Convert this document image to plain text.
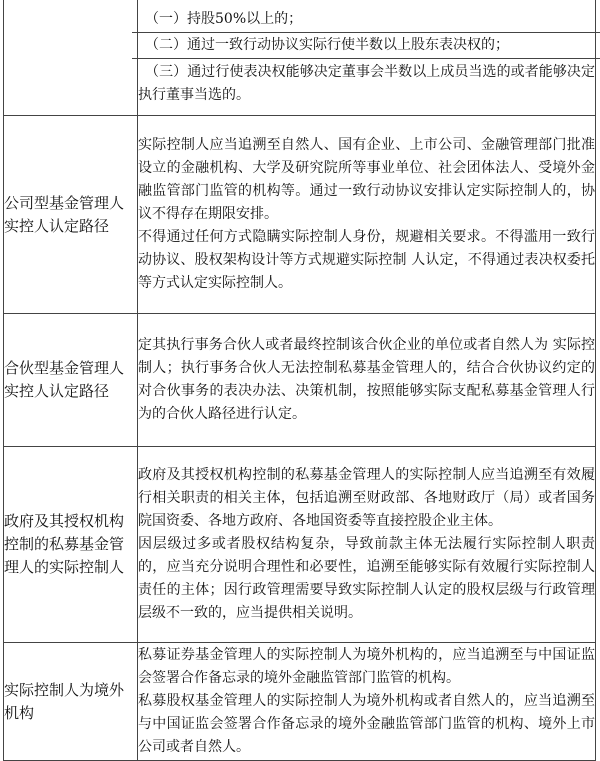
	（一）持股50%以上的；
（二）通过一致行动协议实际行使半数以上股东表决权的；
（三）通过行使表决权能够决定董事会半数以上成员当选的或者能够决定执行董事当选的。

公司型基金管理人实控人认定路径	实际控制人应当追溯至自然人、国有企业、上市公司、金融管理部门批准设立的金融机构、大学及研究院所等事业单位、社会团体法人、受境外金融监管部门监管的机构等。通过一致行动协议安排认定实际控制人的，协议不得存在期限安排。
不得通过任何方式隐瞒实际控制人身份，规避相关要求。不得滥用一致行动协议、股权架构设计等方式规避实际控制 人认定，不得通过表决权委托等方式认定实际控制人。

合伙型基金管理人实控人认定路径	定其执行事务合伙人或者最终控制该合伙企业的单位或者自然人为 实际控制人；执行事务合伙人无法控制私募基金管理人的，结合合伙协议约定的对合伙事务的表决办法、决策机制，按照能够实际支配私募基金管理人行为的合伙人路径进行认定。

政府及其授权机构控制的私募基金管理人的实际控制人	政府及其授权机构控制的私募基金管理人的实际控制人应当追溯至有效履行相关职责的相关主体，包括追溯至财政部、各地财政厅（局）或者国务院国资委、各地方政府、各地国资委等直接控股企业主体。
因层级过多或者股权结构复杂，导致前款主体无法履行实际控制人职责的，应当充分说明合理性和必要性，追溯至能够实际有效履行实际控制人责任的主体；因行政管理需要导致实际控制人认定的股权层级与行政管理层级不一致的，应当提供相关说明。

实际控制人为境外机构	私募证券基金管理人的实际控制人为境外机构的，应当追溯至与中国证监会签署合作备忘录的境外金融监管部门监管的机构。
私募股权基金管理人的实际控制人为境外机构或者自然人的，应当追溯至与中国证监会签署合作备忘录的境外金融监管部门监管的机构、境外上市公司或者自然人。
